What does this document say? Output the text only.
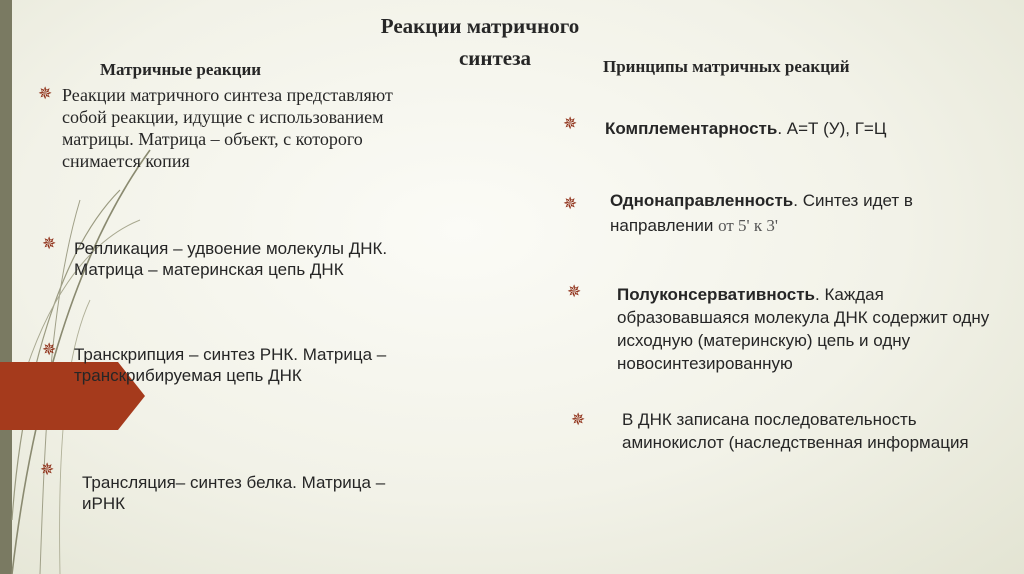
Реакции матричного

синтеза
Матричные реакции	Принципы матричных реакций
✵ Реакции матричного синтеза представляют собой реакции, идущие с использованием матрицы. Матрица – объект, с которого снимается копия
✵ Репликация – удвоение молекулы ДНК. Матрица – материнская цепь ДНК
✵ Транскрипция – синтез РНК. Матрица – транскрибируемая цепь ДНК
✵
Трансляция– синтез белка. Матрица – иРНК
✵ Комплементарность. А=Т (У), Г=Ц
✵ Однонаправленность. Синтез идет в направлении от 5' к 3'
✵ Полуконсервативность. Каждая образовавшаяся молекула ДНК содержит одну исходную (материнскую) цепь и одну новосинтезированную
✵ В ДНК записана последовательность аминокислот (наследственная информация
